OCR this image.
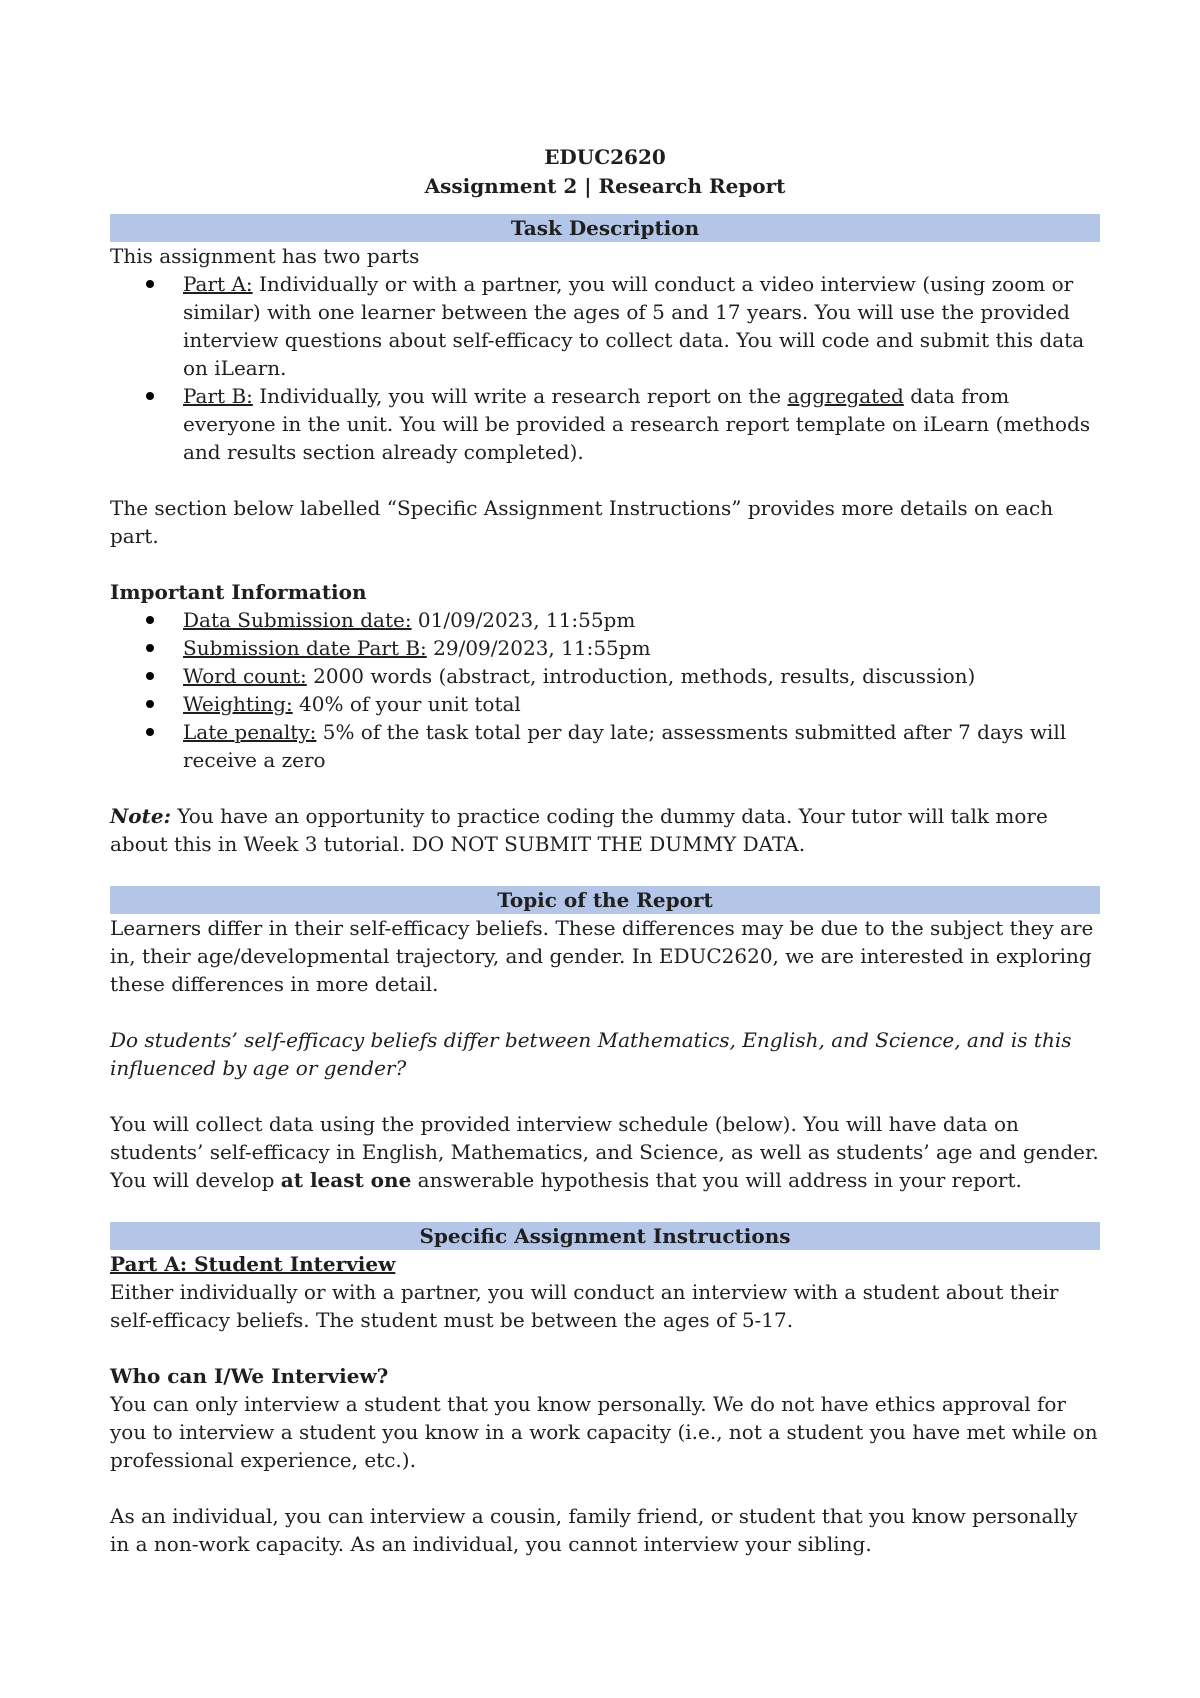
EDUC2620

Assignment 2 | Research Report

Task Description

This assignment has two parts

Part A: Individually or with a partner, you will conduct a video interview (using zoom or similar) with one learner between the ages of 5 and 17 years. You will use the provided interview questions about self-efficacy to collect data. You will code and submit this data on iLearn.
Part B: Individually, you will write a research report on the aggregated data from everyone in the unit. You will be provided a research report template on iLearn (methods and results section already completed).

The section below labelled “Specific Assignment Instructions” provides more details on each part.

Important Information

Data Submission date: 01/09/2023, 11:55pm
Submission date Part B: 29/09/2023, 11:55pm
Word count: 2000 words (abstract, introduction, methods, results, discussion)
Weighting: 40% of your unit total
Late penalty: 5% of the task total per day late; assessments submitted after 7 days will receive a zero

Note: You have an opportunity to practice coding the dummy data. Your tutor will talk more about this in Week 3 tutorial. DO NOT SUBMIT THE DUMMY DATA.

Topic of the Report

Learners differ in their self-efficacy beliefs. These differences may be due to the subject they are in, their age/developmental trajectory, and gender. In EDUC2620, we are interested in exploring these differences in more detail.

Do students’ self-efficacy beliefs differ between Mathematics, English, and Science, and is this influenced by age or gender?

You will collect data using the provided interview schedule (below). You will have data on students’ self-efficacy in English, Mathematics, and Science, as well as students’ age and gender. You will develop at least one answerable hypothesis that you will address in your report.

Specific Assignment Instructions

Part A: Student Interview

Either individually or with a partner, you will conduct an interview with a student about their self-efficacy beliefs. The student must be between the ages of 5-17.

Who can I/We Interview?

You can only interview a student that you know personally. We do not have ethics approval for you to interview a student you know in a work capacity (i.e., not a student you have met while on professional experience, etc.).

As an individual, you can interview a cousin, family friend, or student that you know personally in a non-work capacity. As an individual, you cannot interview your sibling.
